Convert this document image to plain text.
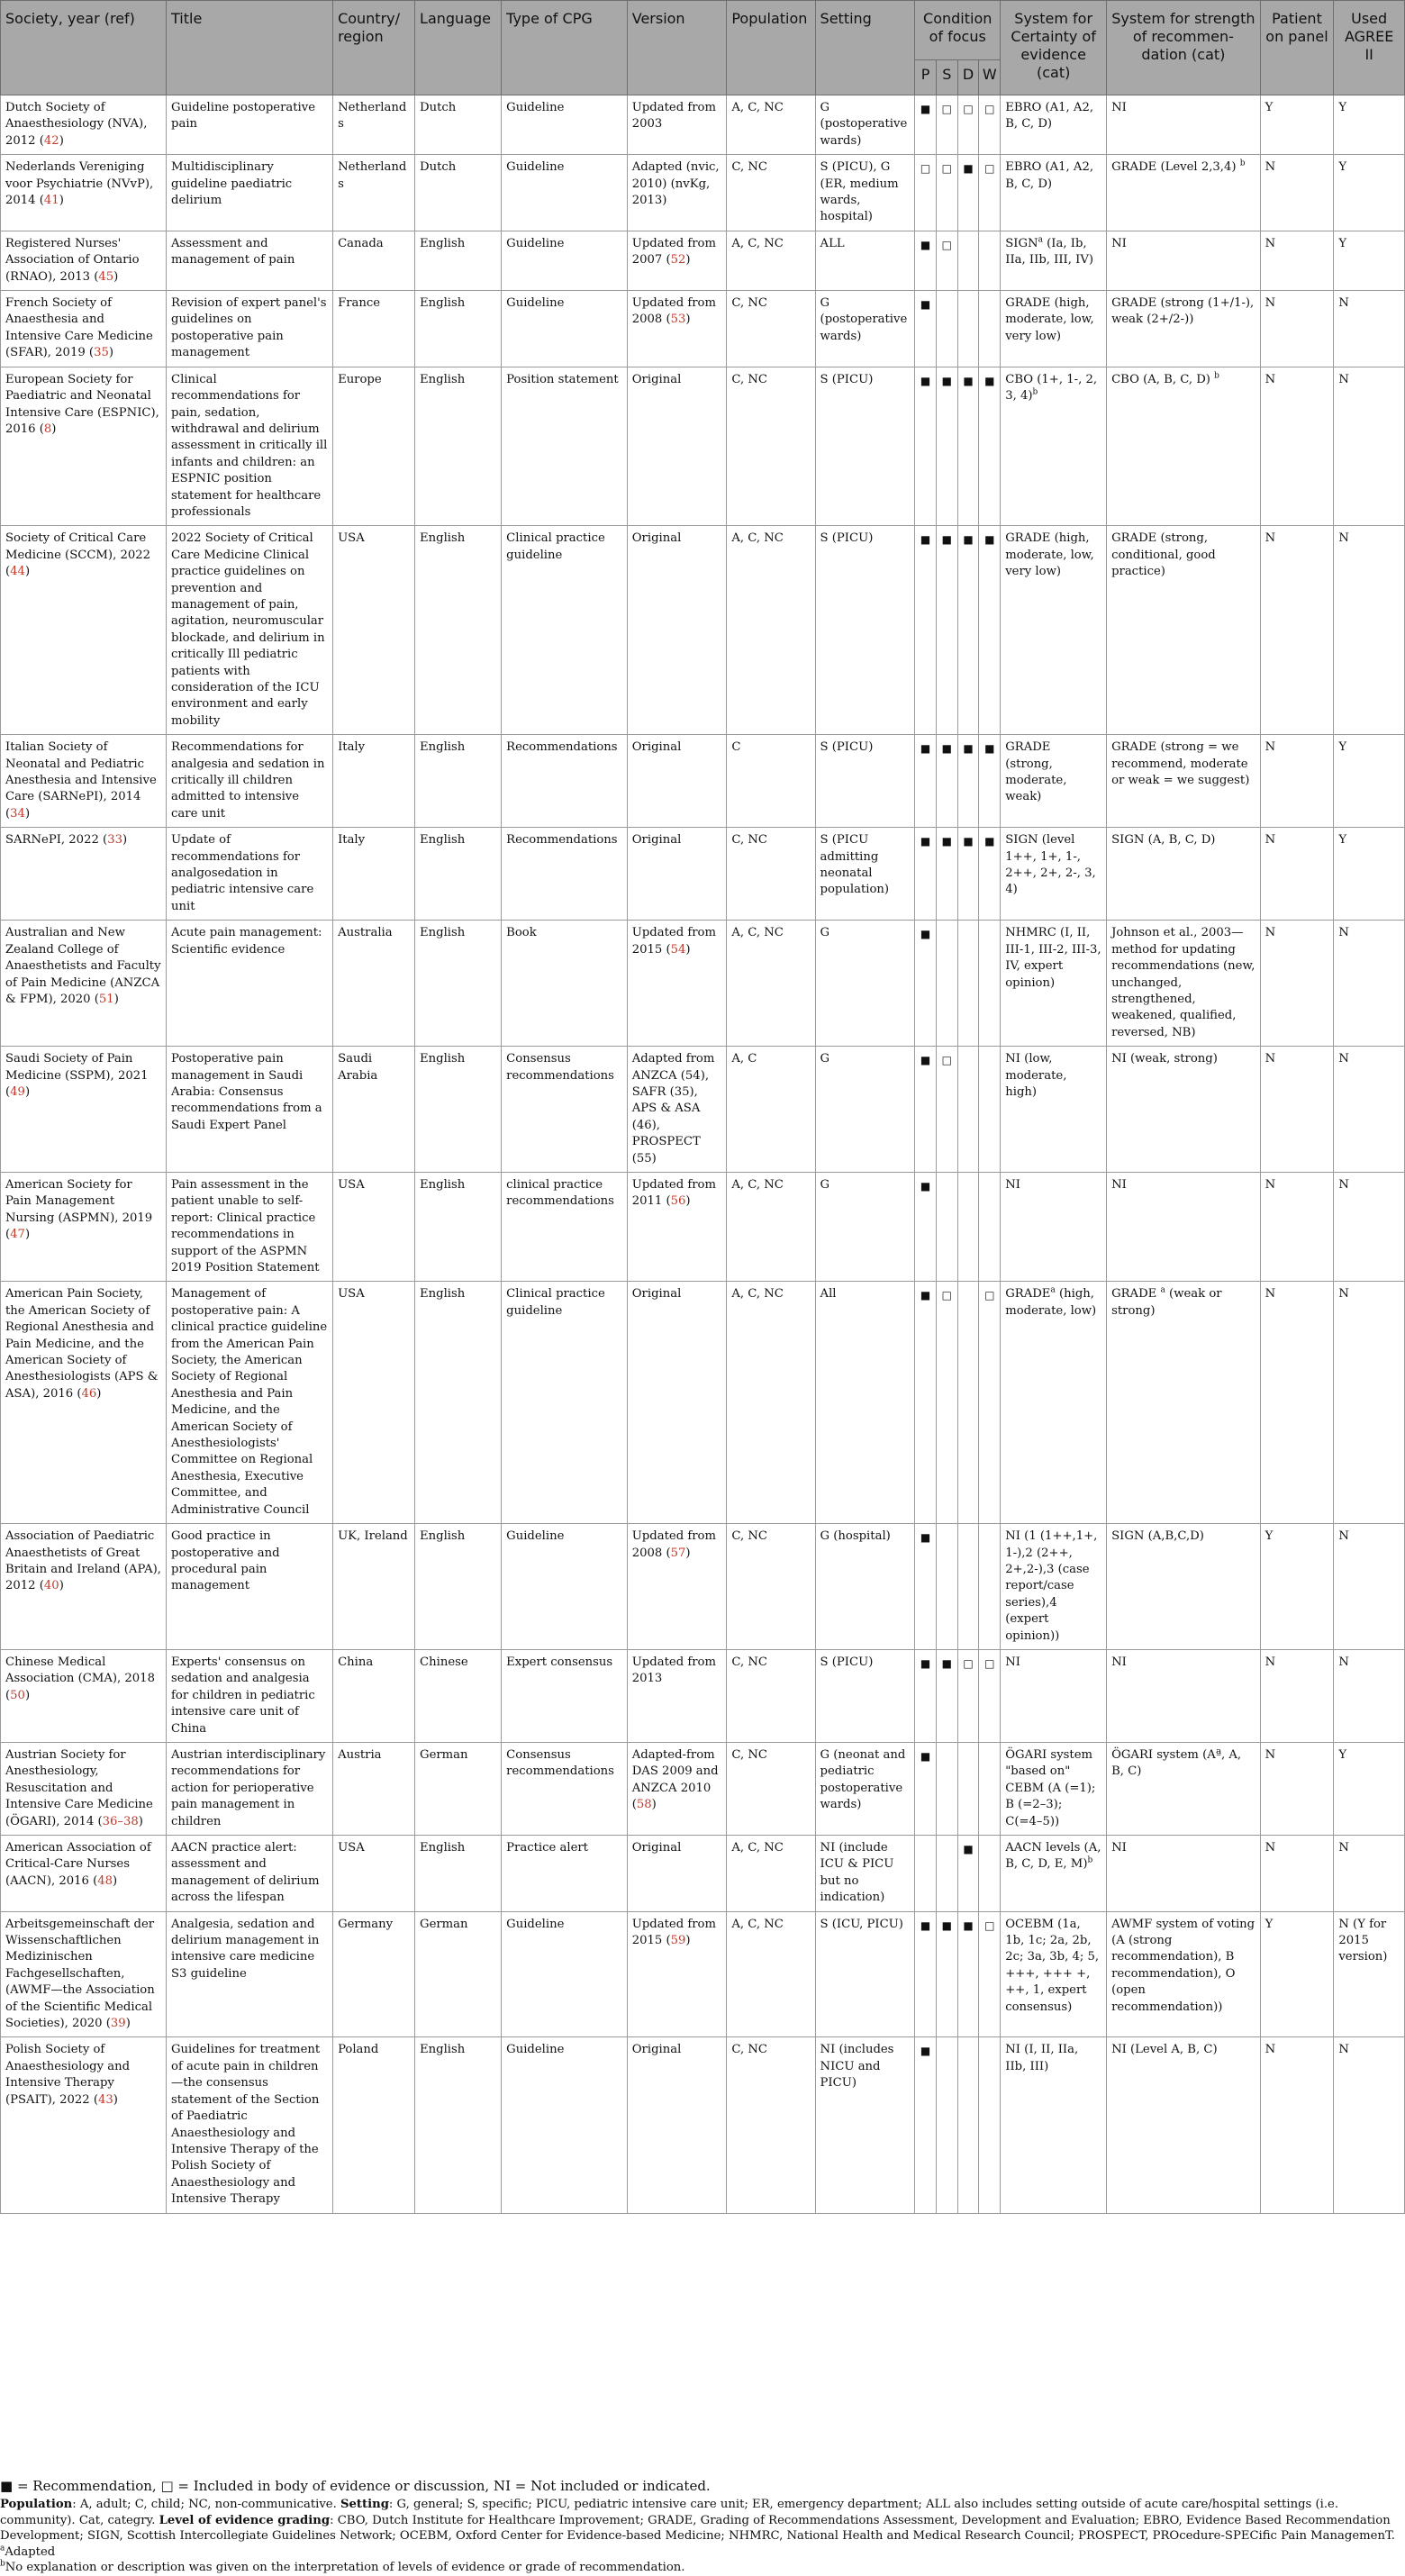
Society, year (ref)	Title	Country/ region	Language	Type of CPG	Version	Population	Setting	Condition of focus				System for Certainty of evidence (cat)	System for strength of recommen- dation (cat)	Patient on panel	Used AGREE II
								P	S	D	W				
Dutch Society of Anaesthesiology (NVA), 2012 (42)	Guideline postoperative pain	Netherlands	Dutch	Guideline	Updated from 2003	A, C, NC	G (postoperative wards)	■	□	□	□	EBRO (A1, A2, B, C, D)	NI	Y	Y
Nederlands Vereniging voor Psychiatrie (NVvP), 2014 (41)	Multidisciplinary guideline paediatric delirium	Netherlands	Dutch	Guideline	Adapted (nvic, 2010) (nvKg, 2013)	C, NC	S (PICU), G (ER, medium wards, hospital)	□	□	■	□	EBRO (A1, A2, B, C, D)	GRADE (Level 2,3,4) $^b$	N	Y
Registered Nurses' Association of Ontario (RNAO), 2013 (45)	Assessment and management of pain	Canada	English	Guideline	Updated from 2007 (52)	A, C, NC	ALL	■	□			SIGN$^a$ (Ia, Ib, IIa, IIb, III, IV)	NI	N	Y
French Society of Anaesthesia and Intensive Care Medicine (SFAR), 2019 (35)	Revision of expert panel's guidelines on postoperative pain management	France	English	Guideline	Updated from 2008 (53)	C, NC	G (postoperative wards)	■				GRADE (high, moderate, low, very low)	GRADE (strong (1+/1-), weak (2+/2-))	N	N
European Society for Paediatric and Neonatal Intensive Care (ESPNIC), 2016 (8)	Clinical recommendations for pain, sedation, withdrawal and delirium assessment in critically ill infants and children: an ESPNIC position statement for healthcare professionals	Europe	English	Position statement	Original	C, NC	S (PICU)	■	■	■	■	CBO (1+, 1-, 2, 3, 4)$^b$	CBO (A, B, C, D) $^b$	N	N
Society of Critical Care Medicine (SCCM), 2022 (44)	2022 Society of Critical Care Medicine Clinical practice guidelines on prevention and management of pain, agitation, neuromuscular blockade, and delirium in critically Ill pediatric patients with consideration of the ICU environment and early mobility	USA	English	Clinical practice guideline	Original	A, C, NC	S (PICU)	■	■	■	■	GRADE (high, moderate, low, very low)	GRADE (strong, conditional, good practice)	N	N
Italian Society of Neonatal and Pediatric Anesthesia and Intensive Care (SARNePI), 2014 (34)	Recommendations for analgesia and sedation in critically ill children admitted to intensive care unit	Italy	English	Recommendations	Original	C	S (PICU)	■	■	■	■	GRADE (strong, moderate, weak)	GRADE (strong = we recommend, moderate or weak = we suggest)	N	Y
SARNePI, 2022 (33)	Update of recommendations for analgosedation in pediatric intensive care unit	Italy	English	Recommendations	Original	C, NC	S (PICU admitting neonatal population)	■	■	■	■	SIGN (level 1++, 1+, 1-, 2++, 2+, 2-, 3, 4)	SIGN (A, B, C, D)	N	Y
Australian and New Zealand College of Anaesthetists and Faculty of Pain Medicine (ANZCA & FPM), 2020 (51)	Acute pain management: Scientific evidence	Australia	English	Book	Updated from 2015 (54)	A, C, NC	G	■				NHMRC (I, II, III-1, III-2, III-3, IV, expert opinion)	Johnson et al., 2003—method for updating recommendations (new, unchanged, strengthened, weakened, qualified, reversed, NB)	N	N
Saudi Society of Pain Medicine (SSPM), 2021 (49)	Postoperative pain management in Saudi Arabia: Consensus recommendations from a Saudi Expert Panel	Saudi Arabia	English	Consensus recommendations	Adapted from ANZCA (54), SAFR (35), APS & ASA (46), PROSPECT (55)	A, C	G	■	□			NI (low, moderate, high)	NI (weak, strong)	N	N
American Society for Pain Management Nursing (ASPMN), 2019 (47)	Pain assessment in the patient unable to self-report: Clinical practice recommendations in support of the ASPMN 2019 Position Statement	USA	English	clinical practice recommendations	Updated from 2011 (56)	A, C, NC	G	■				NI	NI	N	N
American Pain Society, the American Society of Regional Anesthesia and Pain Medicine, and the American Society of Anesthesiologists (APS & ASA), 2016 (46)	Management of postoperative pain: A clinical practice guideline from the American Pain Society, the American Society of Regional Anesthesia and Pain Medicine, and the American Society of Anesthesiologists' Committee on Regional Anesthesia, Executive Committee, and Administrative Council	USA	English	Clinical practice guideline	Original	A, C, NC	All	■	□		□	GRADE$^a$ (high, moderate, low)	GRADE $^a$ (weak or strong)	N	N
Association of Paediatric Anaesthetists of Great Britain and Ireland (APA), 2012 (40)	Good practice in postoperative and procedural pain management	UK, Ireland	English	Guideline	Updated from 2008 (57)	C, NC	G (hospital)	■				NI (1 (1++,1+, 1-),2 (2++, 2+,2-),3 (case report/case series),4 (expert opinion))	SIGN (A,B,C,D)	Y	N
Chinese Medical Association (CMA), 2018 (50)	Experts' consensus on sedation and analgesia for children in pediatric intensive care unit of China	China	Chinese	Expert consensus	Updated from 2013	C, NC	S (PICU)	■	■	□	□	NI	NI	N	N
Austrian Society for Anesthesiology, Resuscitation and Intensive Care Medicine (ÖGARI), 2014 (36–38)	Austrian interdisciplinary recommendations for action for perioperative pain management in children	Austria	German	Consensus recommendations	Adapted-from DAS 2009 and ANZCA 2010 (58)	C, NC	G (neonat and pediatric postoperative wards)	■				ÖGARI system "based on" CEBM (A (=1); B (=2–3); C(=4–5))	ÖGARI system (Aª, A, B, C)	N	Y
American Association of Critical-Care Nurses (AACN), 2016 (48)	AACN practice alert: assessment and management of delirium across the lifespan	USA	English	Practice alert	Original	A, C, NC	NI (include ICU & PICU but no indication)			■		AACN levels (A, B, C, D, E, M)$^b$	NI	N	N
Arbeitsgemeinschaft der Wissenschaftlichen Medizinischen Fachgesellschaften, (AWMF—the Association of the Scientific Medical Societies), 2020 (39)	Analgesia, sedation and delirium management in intensive care medicine S3 guideline	Germany	German	Guideline	Updated from 2015 (59)	A, C, NC	S (ICU, PICU)	■	■	■	□	OCEBM (1a, 1b, 1c; 2a, 2b, 2c; 3a, 3b, 4; 5, +++, +++ +, ++, 1, expert consensus)	AWMF system of voting (A (strong recommendation), B recommendation), O (open recommendation))	Y	N (Y for 2015 version)
Polish Society of Anaesthesiology and Intensive Therapy (PSAIT), 2022 (43)	Guidelines for treatment of acute pain in children—the consensus statement of the Section of Paediatric Anaesthesiology and Intensive Therapy of the Polish Society of Anaesthesiology and Intensive Therapy	Poland	English	Guideline	Original	C, NC	NI (includes NICU and PICU)	■				NI (I, II, IIa, IIb, III)	NI (Level A, B, C)	N	N
■ = Recommendation, □ = Included in body of evidence or discussion, NI = Not included or indicated.
Population: A, adult; C, child; NC, non-communicative. Setting: G, general; S, specific; PICU, pediatric intensive care unit; ER, emergency department; ALL also includes setting outside of acute care/hospital settings (i.e. community). Cat, categry. Level of evidence grading: CBO, Dutch Institute for Healthcare Improvement; GRADE, Grading of Recommendations Assessment, Development and Evaluation; EBRO, Evidence Based Recommendation Development; SIGN, Scottish Intercollegiate Guidelines Network; OCEBM, Oxford Center for Evidence-based Medicine; NHMRC, National Health and Medical Research Council; PROSPECT, PROcedure-SPECific Pain ManagemenT.
$^a$Adapted
$^b$No explanation or description was given on the interpretation of levels of evidence or grade of recommendation.
